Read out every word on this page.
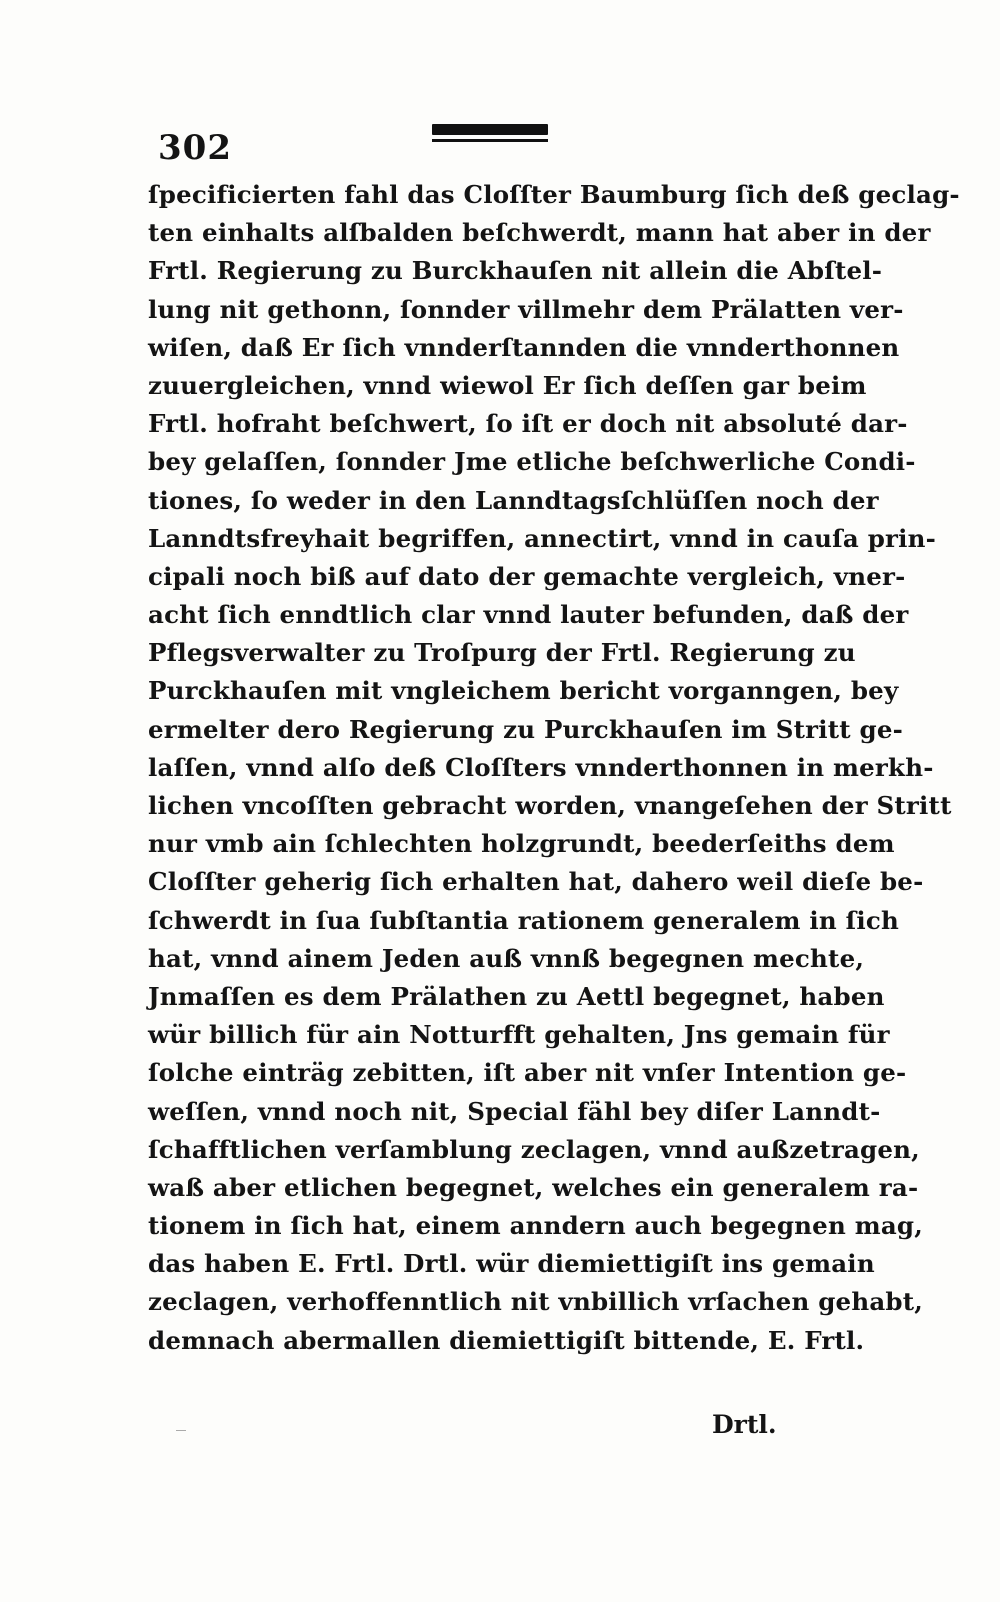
302
ſpecificierten fahl das Cloſſter Baumburg ſich deß geclag-
ten einhalts alſbalden beſchwerdt, mann hat aber in der
Frtl. Regierung zu Burckhauſen nit allein die Abſtel-
lung nit gethonn, ſonnder villmehr dem Prälatten ver-
wiſen, daß Er ſich vnnderſtannden die vnnderthonnen
zuuergleichen, vnnd wiewol Er ſich deſſen gar beim
Frtl. hofraht beſchwert, ſo iſt er doch nit absoluté dar-
bey gelaſſen, ſonnder Jme etliche beſchwerliche Condi-
tiones, ſo weder in den Lanndtagsſchlüſſen noch der
Lanndtsfreyhait begriffen, annectirt, vnnd in cauſa prin-
cipali noch biß auf dato der gemachte vergleich, vner-
acht ſich enndtlich clar vnnd lauter befunden, daß der
Pflegsverwalter zu Troſpurg der Frtl. Regierung zu
Purckhauſen mit vngleichem bericht vorganngen, bey
ermelter dero Regierung zu Purckhauſen im Stritt ge-
laſſen, vnnd alſo deß Cloſſters vnnderthonnen in merkh-
lichen vncoſſten gebracht worden, vnangeſehen der Stritt
nur vmb ain ſchlechten holzgrundt, beederſeiths dem
Cloſſter geherig ſich erhalten hat, dahero weil dieſe be-
ſchwerdt in ſua ſubſtantia rationem generalem in ſich
hat, vnnd ainem Jeden auß vnnß begegnen mechte,
Jnmaſſen es dem Prälathen zu Aettl begegnet, haben
wür billich für ain Notturfft gehalten, Jns gemain für
ſolche einträg zebitten, iſt aber nit vnſer Intention ge-
weſſen, vnnd noch nit, Special fähl bey diſer Lanndt-
ſchafftlichen verſamblung zeclagen, vnnd außzetragen,
waß aber etlichen begegnet, welches ein generalem ra-
tionem in ſich hat, einem anndern auch begegnen mag,
das haben E. Frtl. Drtl. wür diemiettigiſt ins gemain
zeclagen, verhoffenntlich nit vnbillich vrſachen gehabt,
demnach abermallen diemiettigiſt bittende, E. Frtl.
Drtl.
